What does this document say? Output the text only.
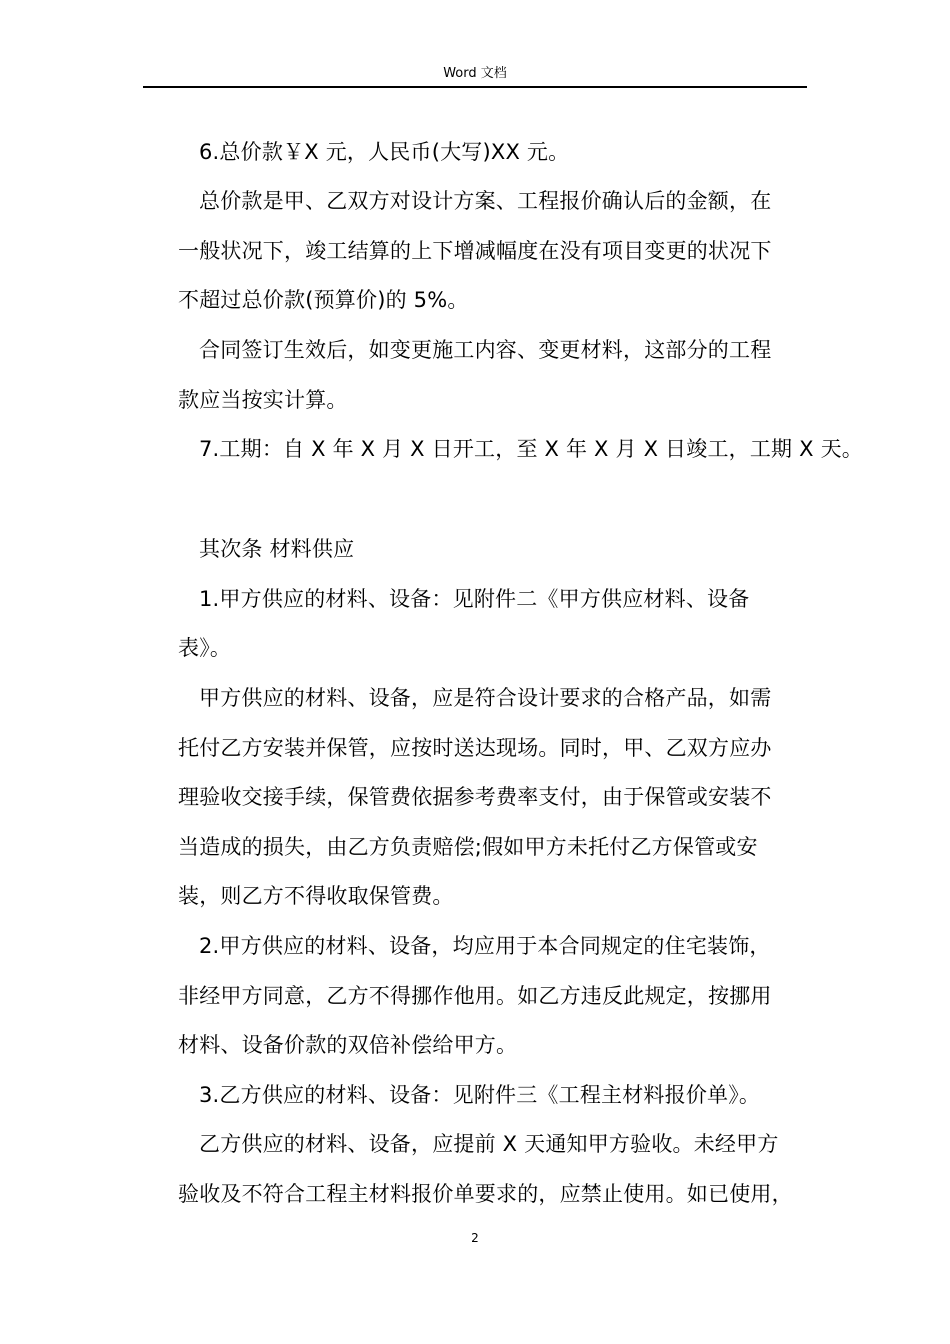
Word 文档
6.总价款￥X 元，人民币(大写)XX 元。
总价款是甲、乙双方对设计方案、工程报价确认后的金额，在
一般状况下，竣工结算的上下增减幅度在没有项目变更的状况下
不超过总价款(预算价)的 5%。
合同签订生效后，如变更施工内容、变更材料，这部分的工程
款应当按实计算。
7.工期：自 X 年 X 月 X 日开工，至 X 年 X 月 X 日竣工，工期 X 天。
其次条 材料供应
1.甲方供应的材料、设备：见附件二《甲方供应材料、设备
表》。
甲方供应的材料、设备，应是符合设计要求的合格产品，如需
托付乙方安装并保管，应按时送达现场。同时，甲、乙双方应办
理验收交接手续，保管费依据参考费率支付，由于保管或安装不
当造成的损失，由乙方负责赔偿;假如甲方未托付乙方保管或安
装，则乙方不得收取保管费。
2.甲方供应的材料、设备，均应用于本合同规定的住宅装饰，
非经甲方同意，乙方不得挪作他用。如乙方违反此规定，按挪用
材料、设备价款的双倍补偿给甲方。
3.乙方供应的材料、设备：见附件三《工程主材料报价单》。
乙方供应的材料、设备，应提前 X 天通知甲方验收。未经甲方
验收及不符合工程主材料报价单要求的，应禁止使用。如已使用，
2
